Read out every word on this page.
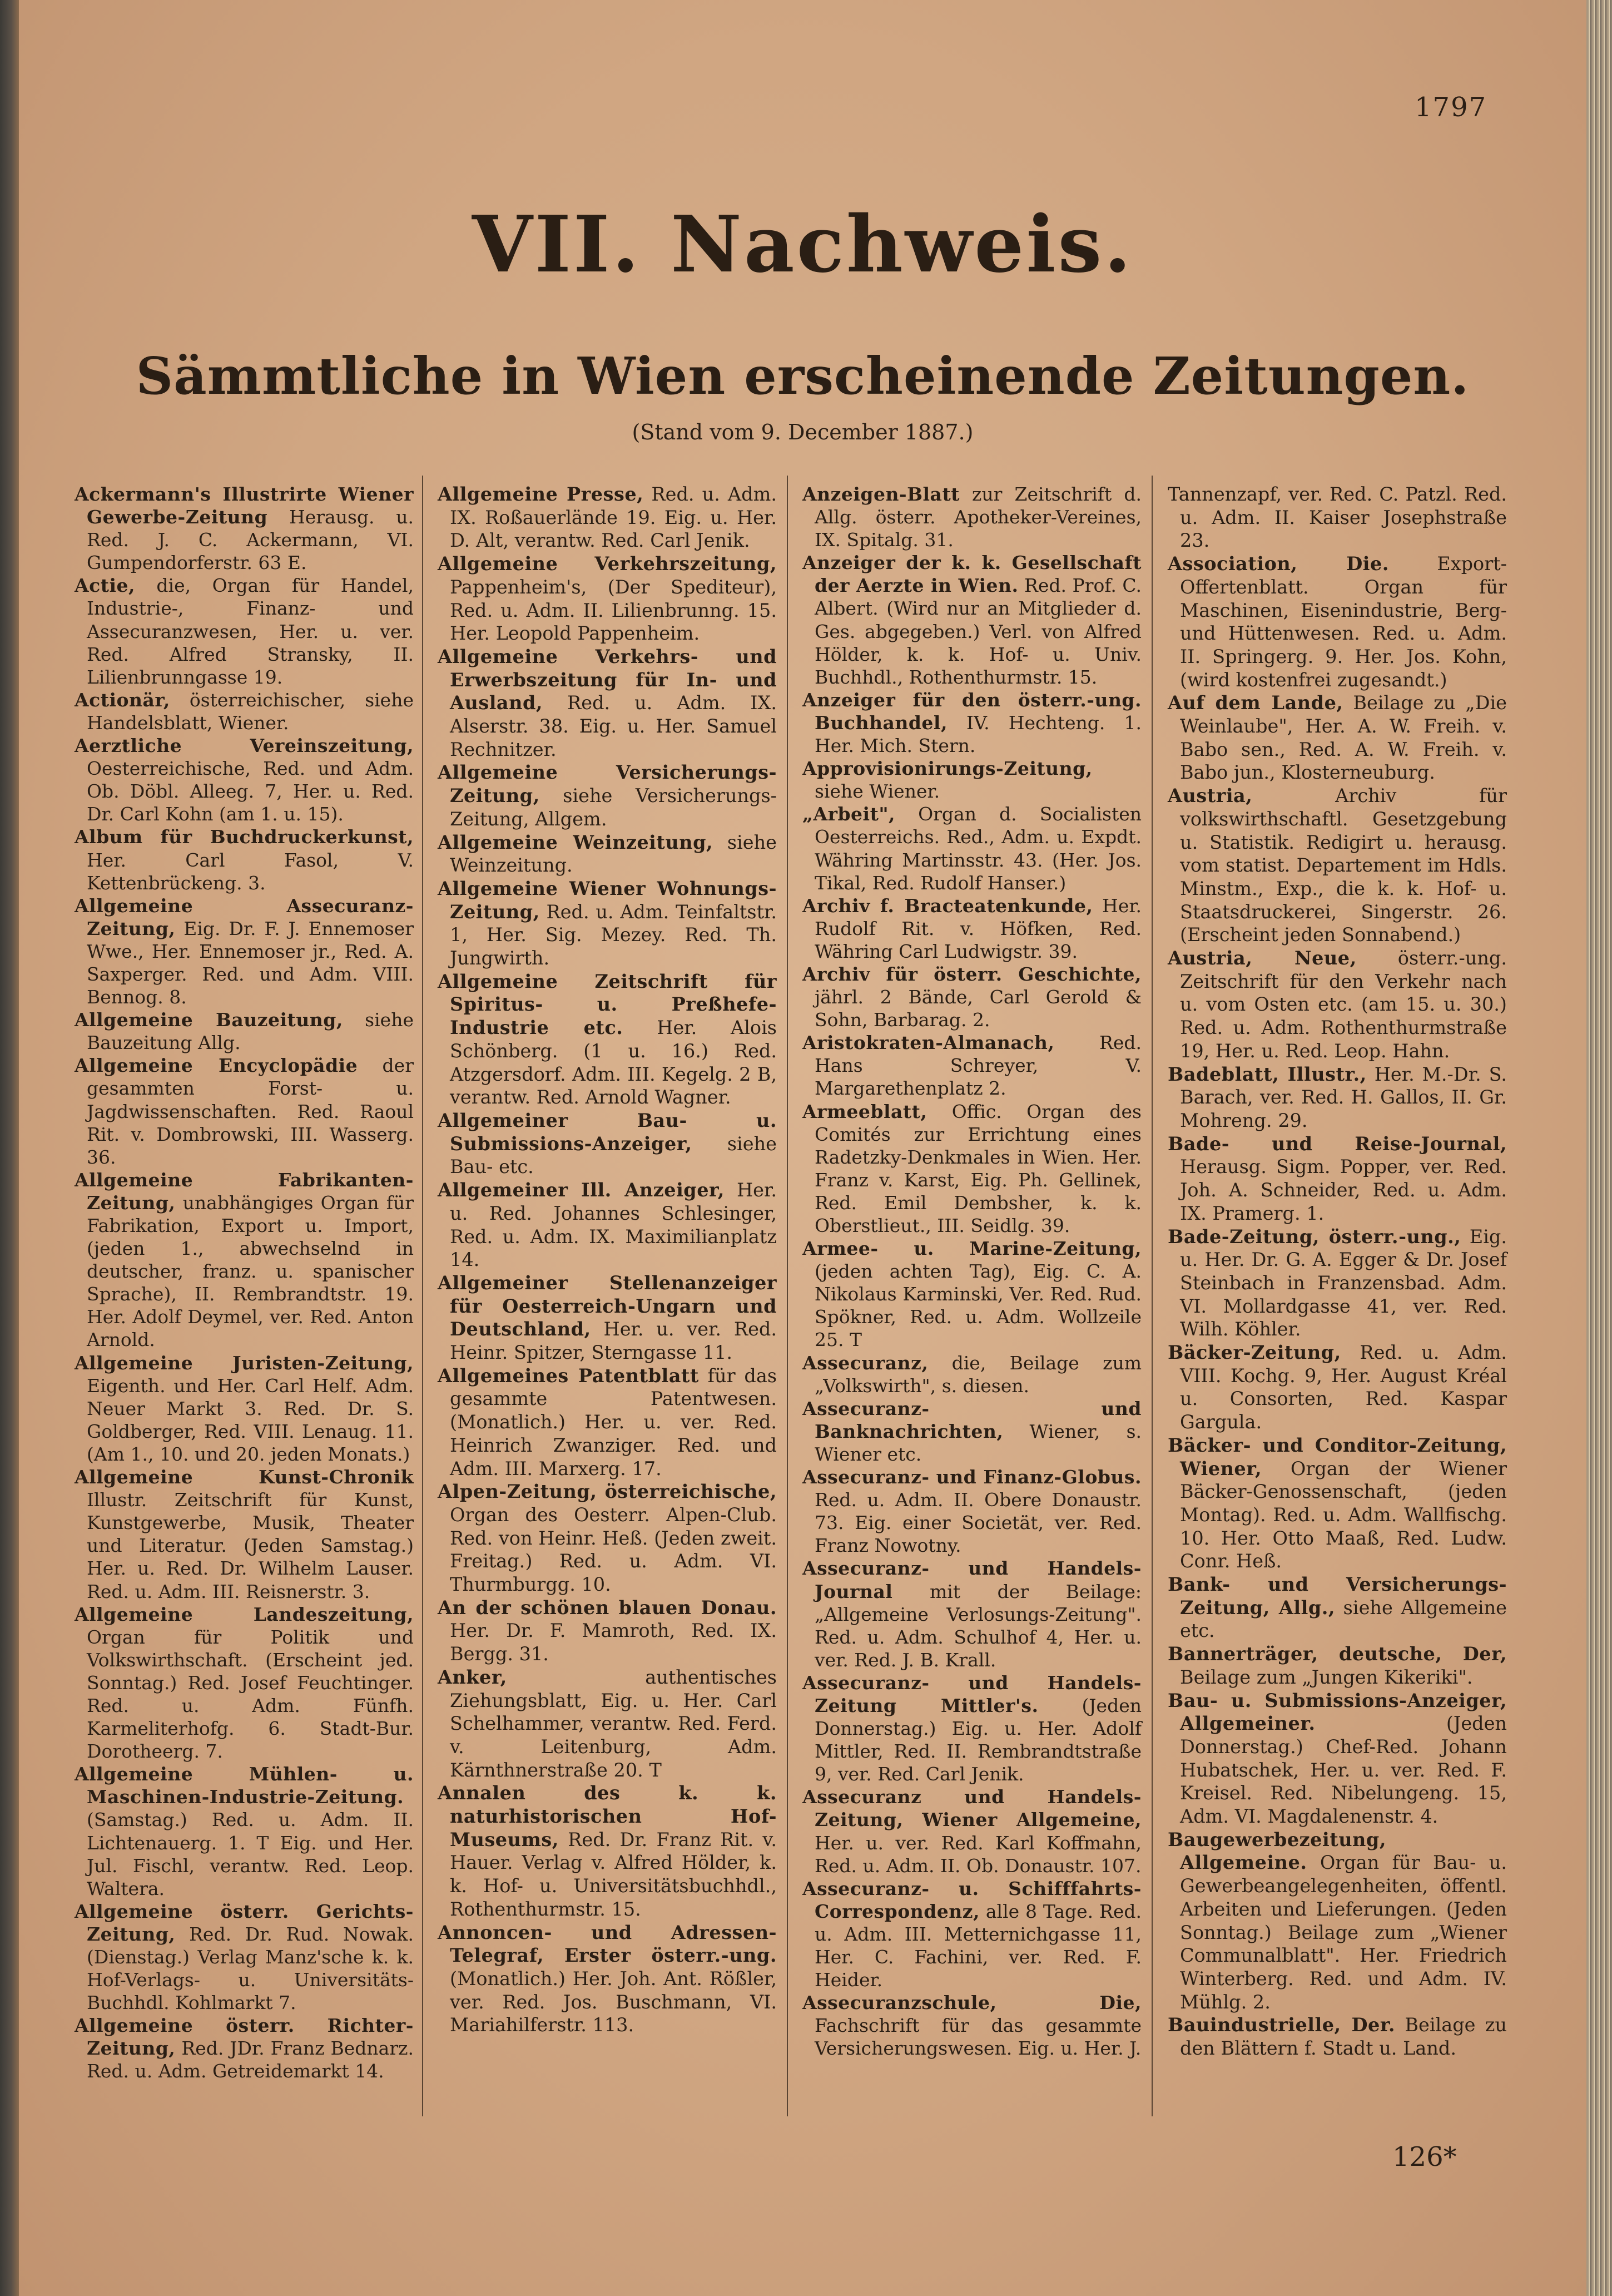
1797
VII. Nachweis.
Sämmtliche in Wien erscheinende Zeitungen.
(Stand vom 9. December 1887.)

Ackermann's Illustrirte Wiener Gewerbe-Zeitung Herausg. u. Red. J. C. Ackermann, VI. Gumpendorferstr. 63 E.

Actie, die, Organ für Handel, Industrie-, Finanz- und Assecuranzwesen, Her. u. ver. Red. Alfred Stransky, II. Lilienbrunngasse 19.

Actionär, österreichischer, siehe Handelsblatt, Wiener.

Aerztliche Vereinszeitung, Oesterreichische, Red. und Adm. Ob. Döbl. Alleeg. 7, Her. u. Red. Dr. Carl Kohn (am 1. u. 15).

Album für Buchdruckerkunst, Her. Carl Fasol, V. Kettenbrückeng. 3.

Allgemeine Assecuranz-Zeitung, Eig. Dr. F. J. Ennemoser Wwe., Her. Ennemoser jr., Red. A. Saxperger. Red. und Adm. VIII. Bennog. 8.

Allgemeine Bauzeitung, siehe Bauzeitung Allg.

Allgemeine Encyclopädie der gesammten Forst- u. Jagdwissenschaften. Red. Raoul Rit. v. Dombrowski, III. Wasserg. 36.

Allgemeine Fabrikanten-Zeitung, unabhängiges Organ für Fabrikation, Export u. Import, (jeden 1., abwechselnd in deutscher, franz. u. spanischer Sprache), II. Rembrandtstr. 19. Her. Adolf Deymel, ver. Red. Anton Arnold.

Allgemeine Juristen-Zeitung, Eigenth. und Her. Carl Helf. Adm. Neuer Markt 3. Red. Dr. S. Goldberger, Red. VIII. Lenaug. 11. (Am 1., 10. und 20. jeden Monats.)

Allgemeine Kunst-Chronik Illustr. Zeitschrift für Kunst, Kunstgewerbe, Musik, Theater und Literatur. (Jeden Samstag.) Her. u. Red. Dr. Wilhelm Lauser. Red. u. Adm. III. Reisnerstr. 3.

Allgemeine Landeszeitung, Organ für Politik und Volkswirthschaft. (Erscheint jed. Sonntag.) Red. Josef Feuchtinger. Red. u. Adm. Fünfh. Karmeliterhofg. 6. Stadt-Bur. Dorotheerg. 7.

Allgemeine Mühlen- u. Maschinen-Industrie-Zeitung. (Samstag.) Red. u. Adm. II. Lichtenauerg. 1. T Eig. und Her. Jul. Fischl, verantw. Red. Leop. Waltera.

Allgemeine österr. Gerichts-Zeitung, Red. Dr. Rud. Nowak. (Dienstag.) Verlag Manz'sche k. k. Hof-Verlags- u. Universitäts-Buchhdl. Kohlmarkt 7.

Allgemeine österr. Richter-Zeitung, Red. JDr. Franz Bednarz. Red. u. Adm. Getreidemarkt 14.

Allgemeine Presse, Red. u. Adm. IX. Roßauerlände 19. Eig. u. Her. D. Alt, verantw. Red. Carl Jenik.

Allgemeine Verkehrszeitung, Pappenheim's, (Der Spediteur), Red. u. Adm. II. Lilienbrunng. 15. Her. Leopold Pappenheim.

Allgemeine Verkehrs- und Erwerbszeitung für In- und Ausland, Red. u. Adm. IX. Alserstr. 38. Eig. u. Her. Samuel Rechnitzer.

Allgemeine Versicherungs-Zeitung, siehe Versicherungs-Zeitung, Allgem.

Allgemeine Weinzeitung, siehe Weinzeitung.

Allgemeine Wiener Wohnungs-Zeitung, Red. u. Adm. Teinfaltstr. 1, Her. Sig. Mezey. Red. Th. Jungwirth.

Allgemeine Zeitschrift für Spiritus- u. Preßhefe-Industrie etc. Her. Alois Schönberg. (1 u. 16.) Red. Atzgersdorf. Adm. III. Kegelg. 2 B, verantw. Red. Arnold Wagner.

Allgemeiner Bau- u. Submissions-Anzeiger, siehe Bau- etc.

Allgemeiner Ill. Anzeiger, Her. u. Red. Johannes Schlesinger, Red. u. Adm. IX. Maximilianplatz 14.

Allgemeiner Stellenanzeiger für Oesterreich-Ungarn und Deutschland, Her. u. ver. Red. Heinr. Spitzer, Sterngasse 11.

Allgemeines Patentblatt für das gesammte Patentwesen. (Monatlich.) Her. u. ver. Red. Heinrich Zwanziger. Red. und Adm. III. Marxerg. 17.

Alpen-Zeitung, österreichische, Organ des Oesterr. Alpen-Club. Red. von Heinr. Heß. (Jeden zweit. Freitag.) Red. u. Adm. VI. Thurmburgg. 10.

An der schönen blauen Donau. Her. Dr. F. Mamroth, Red. IX. Bergg. 31.

Anker,	authentisches Ziehungsblatt, Eig. u. Her. Carl Schelhammer, verantw. Red. Ferd. v. Leitenburg, Adm. Kärnthnerstraße 20. T

Annalen des k. k. naturhistorischen Hof-Museums, Red. Dr. Franz Rit. v. Hauer. Verlag v. Alfred Hölder, k. k. Hof- u. Universitätsbuchhdl., Rothenthurmstr. 15.

Annoncen- und Adressen-Telegraf, Erster österr.-ung. (Monatlich.) Her. Joh. Ant. Rößler, ver. Red. Jos. Buschmann, VI. Mariahilferstr. 113.

Anzeigen-Blatt zur Zeitschrift d. Allg. österr. Apotheker-Vereines, IX. Spitalg. 31.

Anzeiger der k. k. Gesellschaft der Aerzte in Wien. Red. Prof. C. Albert. (Wird nur an Mitglieder d. Ges. abgegeben.) Verl. von Alfred Hölder, k. k. Hof- u. Univ. Buchhdl., Rothenthurmstr. 15.

Anzeiger für den österr.-ung. Buchhandel, IV. Hechteng. 1. Her. Mich. Stern.

Approvisionirungs-Zeitung, siehe Wiener.

„Arbeit", Organ d. Socialisten Oesterreichs. Red., Adm. u. Expdt. Währing Martinsstr. 43. (Her. Jos. Tikal, Red. Rudolf Hanser.)

Archiv f. Bracteatenkunde, Her. Rudolf Rit. v. Höfken, Red. Währing Carl Ludwigstr. 39.

Archiv für österr. Geschichte, jährl. 2 Bände, Carl Gerold & Sohn, Barbarag. 2.

Aristokraten-Almanach, Red. Hans Schreyer, V. Margarethenplatz 2.

Armeeblatt, Offic. Organ des Comités zur Errichtung eines Radetzky-Denkmales in Wien. Her. Franz v. Karst, Eig. Ph. Gellinek, Red. Emil Dembsher, k. k. Oberstlieut., III. Seidlg. 39.

Armee- u. Marine-Zeitung, (jeden achten Tag), Eig. C. A. Nikolaus Karminski, Ver. Red. Rud. Spökner, Red. u. Adm. Wollzeile 25. T

Assecuranz, die, Beilage zum „Volkswirth", s. diesen.

Assecuranz- und Banknachrichten, Wiener, s. Wiener etc.

Assecuranz- und Finanz-Globus. Red. u. Adm. II. Obere Donaustr. 73. Eig. einer Societät, ver. Red. Franz Nowotny.

Assecuranz- und Handels-Journal mit der Beilage: „Allgemeine Verlosungs-Zeitung". Red. u. Adm. Schulhof 4, Her. u. ver. Red. J. B. Krall.

Assecuranz- und Handels-Zeitung Mittler's. (Jeden Donnerstag.) Eig. u. Her. Adolf Mittler, Red. II. Rembrandtstraße 9, ver. Red. Carl Jenik.

Assecuranz und Handels-Zeitung, Wiener Allgemeine, Her. u. ver. Red. Karl Koffmahn, Red. u. Adm. II. Ob. Donaustr. 107.

Assecuranz- u. Schifffahrts-Correspondenz, alle 8 Tage. Red. u. Adm. III. Metternichgasse 11, Her. C. Fachini, ver. Red. F. Heider.

Assecuranzschule, Die, Fachschrift für das gesammte Versicherungswesen. Eig. u. Her. J.

Tannenzapf, ver. Red. C. Patzl. Red. u. Adm. II. Kaiser Josephstraße 23.

Association, Die.	Export-Offertenblatt. Organ für Maschinen, Eisenindustrie, Berg- und Hüttenwesen. Red. u. Adm. II. Springerg. 9. Her. Jos. Kohn, (wird kostenfrei zugesandt.)

Auf dem Lande, Beilage zu „Die Weinlaube", Her. A. W. Freih. v. Babo sen., Red. A. W. Freih. v. Babo jun., Klosterneuburg.

Austria,	Archiv für volkswirthschaftl. Gesetzgebung u. Statistik. Redigirt u. herausg. vom statist. Departement im Hdls. Minstm., Exp., die k. k. Hof- u. Staatsdruckerei, Singerstr. 26. (Erscheint jeden Sonnabend.)

Austria, Neue, österr.-ung. Zeitschrift für den Verkehr nach u. vom Osten etc. (am 15. u. 30.) Red. u. Adm. Rothenthurmstraße 19, Her. u. Red. Leop. Hahn.

Badeblatt, Illustr., Her. M.-Dr. S. Barach, ver. Red. H. Gallos, II. Gr. Mohreng. 29.

Bade- und Reise-Journal, Herausg. Sigm. Popper, ver. Red. Joh. A. Schneider, Red. u. Adm. IX. Pramerg. 1.

Bade-Zeitung, österr.-ung., Eig. u. Her. Dr. G. A. Egger & Dr. Josef Steinbach in Franzensbad. Adm. VI. Mollardgasse 41, ver. Red. Wilh. Köhler.

Bäcker-Zeitung, Red. u. Adm. VIII. Kochg. 9, Her. August Kréal u. Consorten, Red. Kaspar Gargula.

Bäcker- und Conditor-Zeitung, Wiener, Organ der Wiener Bäcker-Genossenschaft, (jeden Montag). Red. u. Adm. Wallfischg. 10. Her. Otto Maaß, Red. Ludw. Conr. Heß.

Bank- und Versicherungs-Zeitung, Allg., siehe Allgemeine etc.

Bannerträger, deutsche, Der, Beilage zum „Jungen Kikeriki".

Bau- u. Submissions-Anzeiger, Allgemeiner.	(Jeden Donnerstag.) Chef-Red. Johann Hubatschek, Her. u. ver. Red. F. Kreisel. Red. Nibelungeng. 15, Adm. VI. Magdalenenstr. 4.

Baugewerbezeitung, Allgemeine. Organ für Bau- u. Gewerbeangelegenheiten, öffentl. Arbeiten und Lieferungen. (Jeden Sonntag.) Beilage zum „Wiener Communalblatt". Her. Friedrich Winterberg. Red. und Adm. IV. Mühlg. 2.

Bauindustrielle, Der. Beilage zu den Blättern f. Stadt u. Land.

126*
